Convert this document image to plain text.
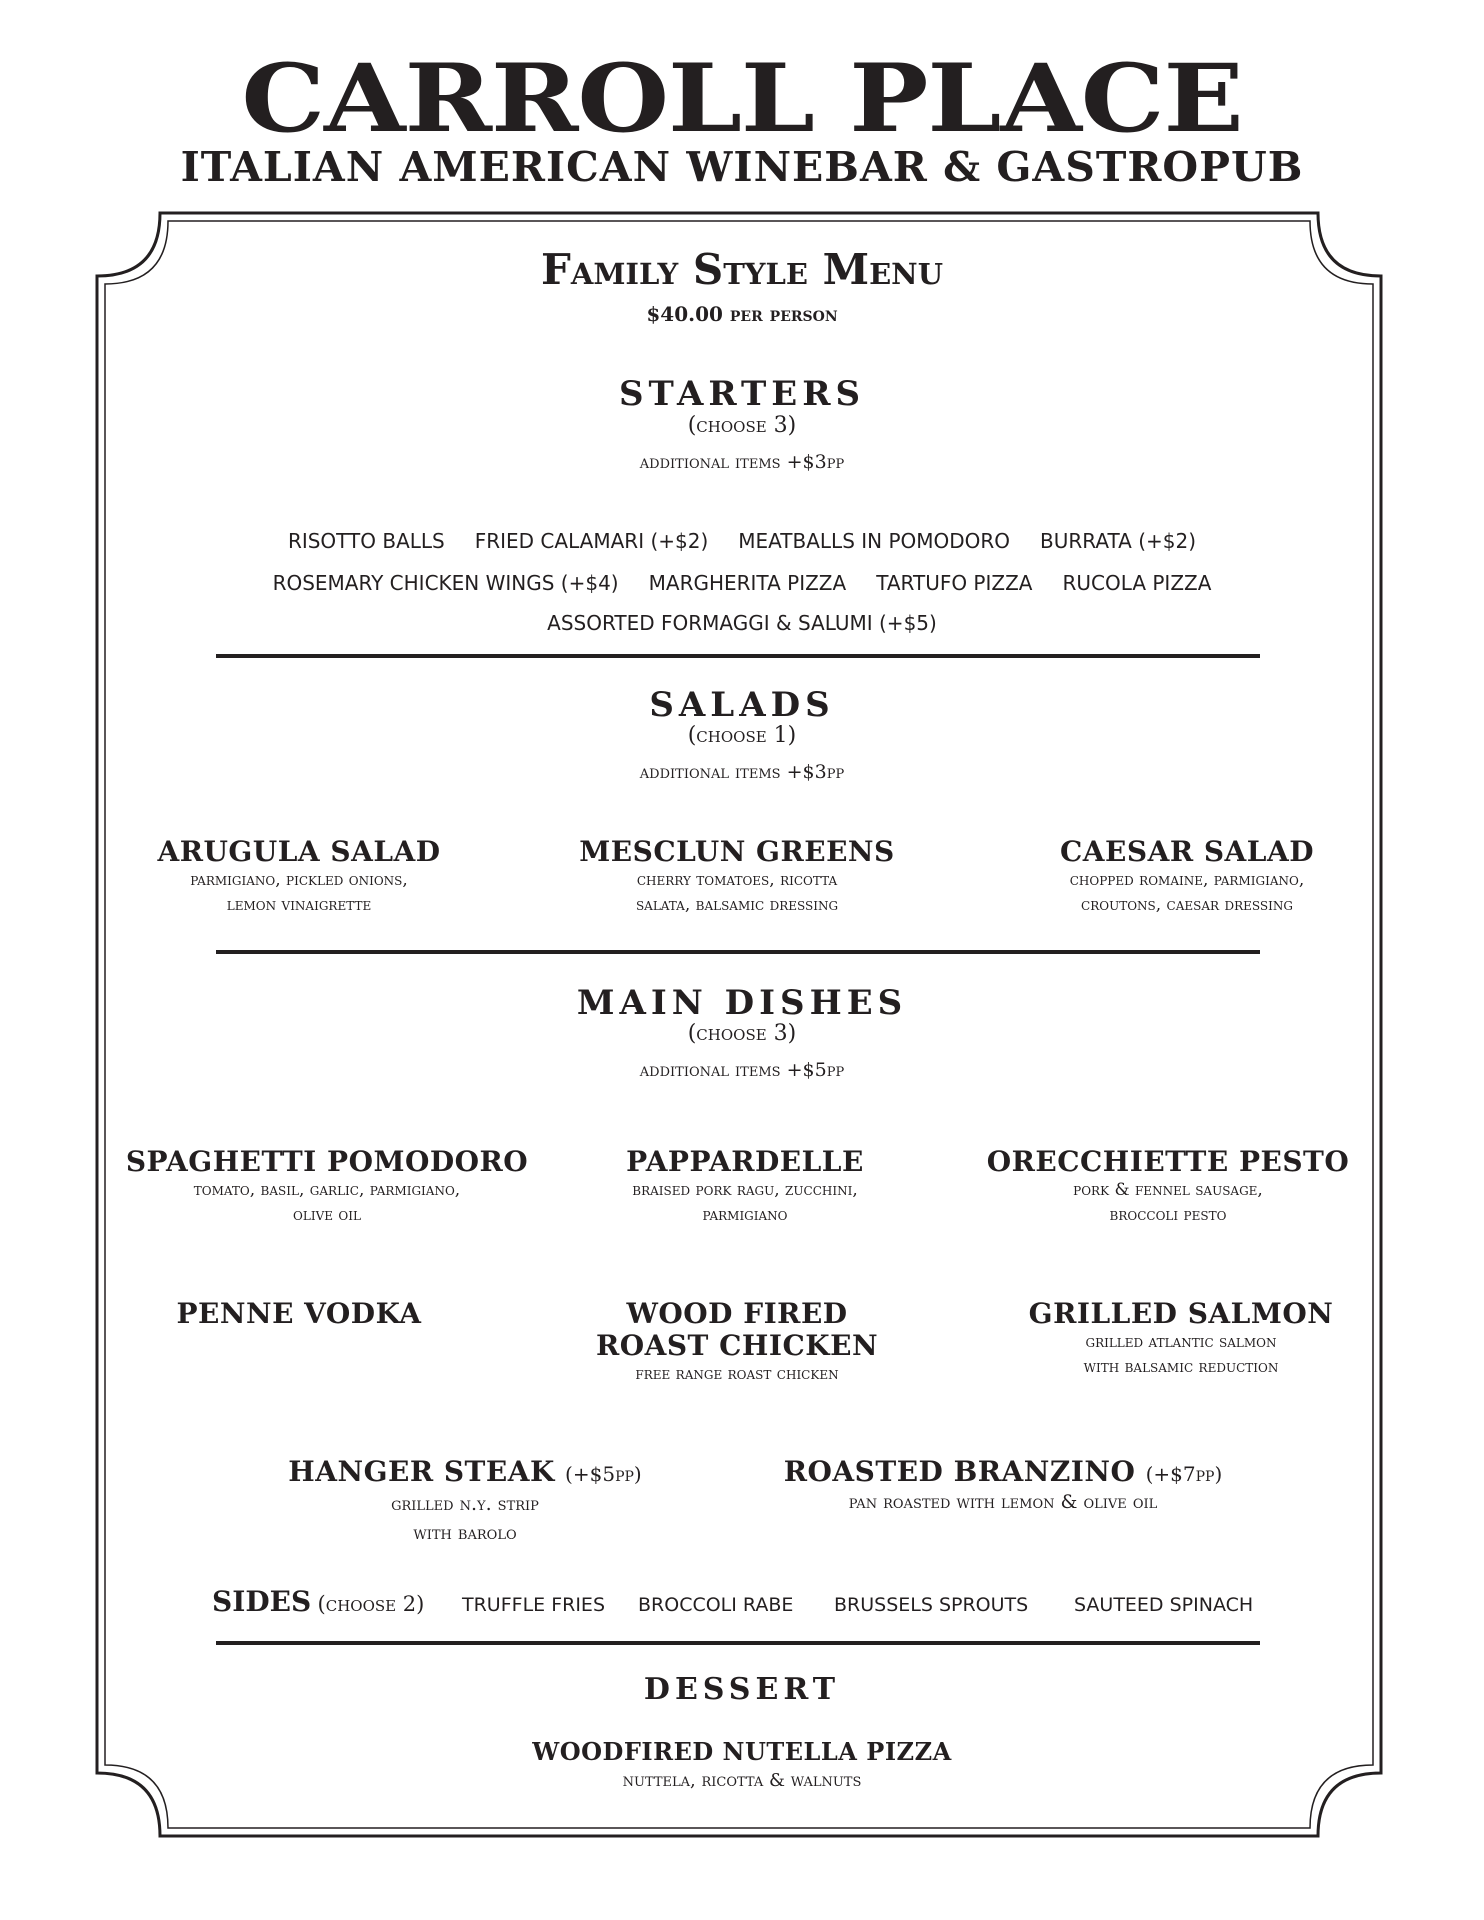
CARROLL PLACE
ITALIAN AMERICAN WINEBAR & GASTROPUB
Family Style Menu
$40.00 per person
STARTERS
(choose 3)
additional items +$3pp
RISOTTO BALLS FRIED CALAMARI (+$2) MEATBALLS IN POMODORO BURRATA (+$2)
ROSEMARY CHICKEN WINGS (+$4) MARGHERITA PIZZA TARTUFO PIZZA RUCOLA PIZZA
ASSORTED FORMAGGI & SALUMI (+$5)
SALADS
(choose 1)
additional items +$3pp
ARUGULA SALAD
parmigiano, pickled onions,
lemon vinaigrette
MESCLUN GREENS
cherry tomatoes, ricotta
salata, balsamic dressing
CAESAR SALAD
chopped romaine, parmigiano,
croutons, caesar dressing
MAIN DISHES
(choose 3)
additional items +$5pp
SPAGHETTI POMODORO
tomato, basil, garlic, parmigiano,
olive oil
PAPPARDELLE
braised pork ragu, zucchini,
parmigiano
ORECCHIETTE PESTO
pork & fennel sausage,
broccoli pesto
PENNE VODKA	WOOD FIRED
ROAST CHICKEN
free range roast chicken
GRILLED SALMON
grilled atlantic salmon
with balsamic reduction
HANGER STEAK (+$5pp)
grilled n.y. strip
with barolo
ROASTED BRANZINO (+$7pp)
pan roasted with lemon & olive oil
SIDES (choose 2) TRUFFLE FRIES BROCCOLI RABE BRUSSELS SPROUTS SAUTEED SPINACH
DESSERT
WOODFIRED NUTELLA PIZZA
nuttela, ricotta & walnuts
